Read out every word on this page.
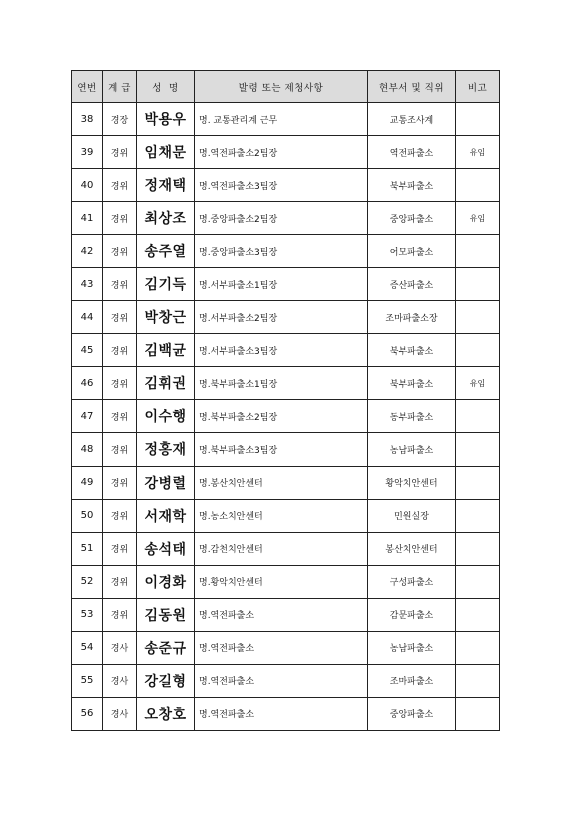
연번	계 급	성  명	발령 또는 제청사항	현부서 및 직위	비고
38	경장	박용우	명. 교통관리계 근무	교통조사계	
39	경위	임채문	명.역전파출소2팀장	역전파출소	유임
40	경위	정재택	명.역전파출소3팀장	북부파출소	
41	경위	최상조	명.중앙파출소2팀장	중앙파출소	유임
42	경위	송주열	명.중앙파출소3팀장	어모파출소	
43	경위	김기득	명.서부파출소1팀장	증산파출소	
44	경위	박창근	명.서부파출소2팀장	조마파출소장	
45	경위	김백균	명.서부파출소3팀장	북부파출소	
46	경위	김휘권	명.북부파출소1팀장	북부파출소	유임
47	경위	이수행	명.북부파출소2팀장	동부파출소	
48	경위	정홍재	명.북부파출소3팀장	농남파출소	
49	경위	강병렬	명.봉산치안센터	황악치안센터	
50	경위	서재학	명.농소치안센터	민원실장	
51	경위	송석태	명.감천치안센터	봉산치안센터	
52	경위	이경화	명.황악치안센터	구성파출소	
53	경위	김동원	명.역전파출소	감문파출소	
54	경사	송준규	명.역전파출소	농남파출소	
55	경사	강길형	명.역전파출소	조마파출소	
56	경사	오창호	명.역전파출소	중앙파출소	
